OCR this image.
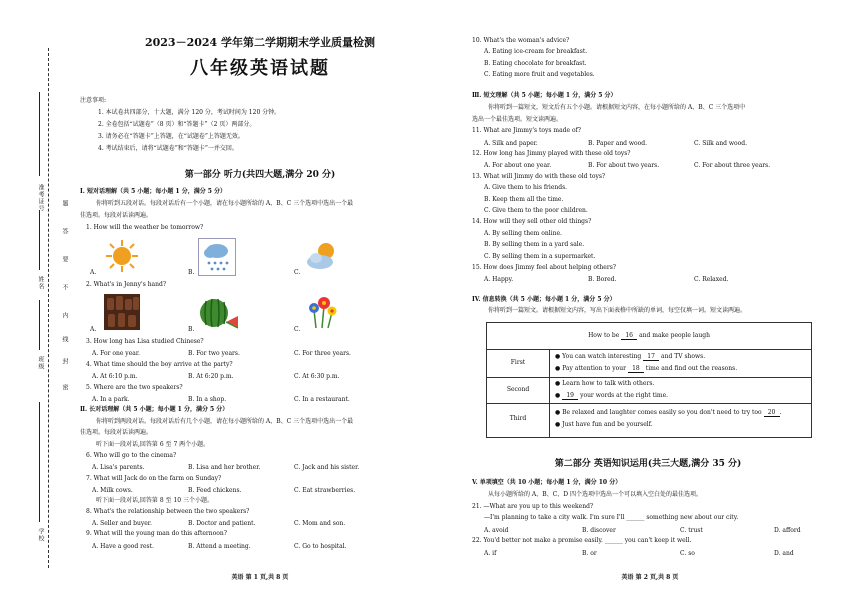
题
答
要
不
内
线
封
密
准考证号
姓名
班级
学校
2023－2024 学年第二学期期末学业质量检测
八年级英语试题
注意事项:
1. 本试卷共四部分，十大题，满分 120 分，考试时间为 120 分钟。
2. 全卷包括“试题卷”（8 页）和“答题卡”（2 页）两部分。
3. 请务必在“答题卡”上答题，在“试题卷”上答题无效。
4. 考试结束后，请将“试题卷”和“答题卡”一并交回。
第一部分 听力(共四大题,满分 20 分)
I. 短对话理解（共 5 小题；每小题 1 分，满分 5 分）
你将听到五段对话。每段对话后有一个小题，请在每小题所给的 A、B、C 三个选项中选出一个最
佳选项。每段对话读两遍。
1. How will the weather be tomorrow?
A.	B.	C.
2. What's in Jenny's hand?
A.	B.	C.
3. How long has Lisa studied Chinese?
A. For one year.	B. For two years.	C. For three years.
4. What time should the boy arrive at the party?
A. At 6:10 p.m.	B. At 6:20 p.m.	C. At 6:30 p.m.
5. Where are the two speakers?
A. In a park.	B. In a shop.	C. In a restaurant.
Ⅱ. 长对话理解（共 5 小题；每小题 1 分，满分 5 分）
你将听到两段对话。每段对话后有几个小题，请在每小题所给的 A、B、C 三个选项中选出一个最
佳选项。每段对话读两遍。
听下面一段对话,回答第 6 至 7 两个小题。
6. Who will go to the cinema?
A. Lisa's parents.	B. Lisa and her brother.	C. Jack and his sister.
7. What will Jack do on the farm on Sunday?
A. Milk cows.	B. Feed chickens.	C. Eat strawberries.
听下面一段对话,回答第 8 至 10 三个小题。
8. What's the relationship between the two speakers?
A. Seller and buyer.	B. Doctor and patient.	C. Mom and son.
9. What will the young man do this afternoon?
A. Have a good rest.	B. Attend a meeting.	C. Go to hospital.
英语 第 1 页,共 8 页
10. What's the woman's advice?
A. Eating ice-cream for breakfast.
B. Eating chocolate for breakfast.
C. Eating more fruit and vegetables.
Ⅲ. 短文理解（共 5 小题；每小题 1 分，满分 5 分）
你将听到一篇短文，短文后有五个小题。请根据短文内容，在每小题所给的 A、B、C 三个选项中
选出一个最佳选项。短文读两遍。
11. What are Jimmy's toys made of?
A. Silk and paper.	B. Paper and wood.	C. Silk and wood.
12. How long has Jimmy played with these old toys?
A. For about one year.	B. For about two years.	C. For about three years.
13. What will Jimmy do with these old toys?
A. Give them to his friends.
B. Keep them all the time.
C. Give them to the poor children.
14. How will they sell other old things?
A. By selling them online.
B. By selling them in a yard sale.
C. By selling them in a supermarket.
15. How does Jimmy feel about helping others?
A. Happy.	B. Bored.	C. Relaxed.
IV. 信息转换（共 5 小题；每小题 1 分，满分 5 分）
你将听到一篇短文。请根据短文内容，写出下面表格中所缺的单词，每空仅填一词。短文读两遍。
How to be 16 and make people laugh
First
● You can watch interesting 17 and TV shows.
● Pay attention to your 18 time and find out the reasons.
Second
● Learn how to talk with others.
● 19 your words at the right time.
Third
● Be relaxed and laughter comes easily so you don't need to try too 20 .
● Just have fun and be yourself.
第二部分 英语知识运用(共三大题,满分 35 分)
V. 单项填空（共 10 小题；每小题 1 分，满分 10 分）
从每小题所给的 A、B、C、D 四个选项中选出一个可以填入空白处的最佳选项。
21. —What are you up to this weekend?
—I'm planning to take a city walk. I'm sure I'll ______ something new about our city.
A. avoid	B. discover	C. trust	D. afford
22. You'd better not make a promise easily. ______ you can't keep it well.
A. if	B. or	C. so	D. and
英语 第 2 页,共 8 页
